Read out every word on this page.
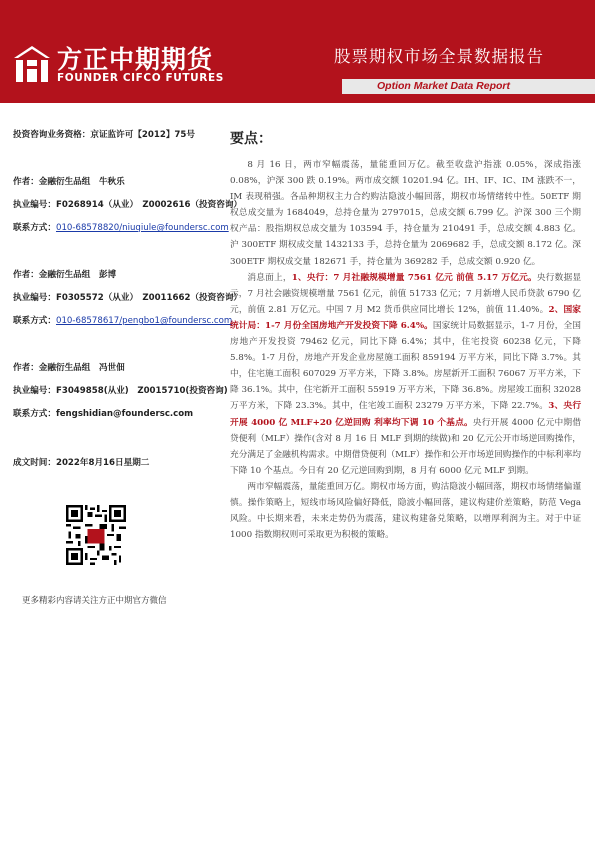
方正中期期货
FOUNDER CIFCO FUTURES
股票期权市场全景数据报告
Option Market Data Report
投资咨询业务资格：京证监许可【2012】75号
作者：金融衍生品组　牛秋乐
执业编号：F0268914（从业）　Z0002616（投资咨询）
联系方式：010-68578820/niuqiule@foundersc.com
作者：金融衍生品组　彭博
执业编号：F0305572（从业）　Z0011662（投资咨询）
联系方式：010-68578617/pengbo1@foundersc.com
作者：金融衍生品组　冯世佃
执业编号：F3049858(从业)　Z0015710(投资咨询)
联系方式：fengshidian@foundersc.com
成文时间：2022年8月16日星期二
更多精彩内容请关注方正中期官方微信
要点：

8 月 16 日，两市窄幅震荡，量能重回万亿。截至收盘沪指涨 0.05%，深成指涨 0.08%，沪深 300 跌 0.19%。两市成交额 10201.94 亿。IH、IF、IC、IM 涨跌不一，IM 表现稍强。各品种期权主力合约购沽隐波小幅回落，期权市场情绪转中性。50ETF 期权总成交量为 1684049，总持仓量为 2797015，总成交额 6.799 亿。沪深 300 三个期权产品：股指期权总成交量为 103594 手，持仓量为 210491 手，总成交额 4.883 亿。沪 300ETF 期权成交量 1432133 手，总持仓量为 2069682 手，总成交额 8.172 亿。深 300ETF 期权成交量 182671 手，持仓量为 369282 手，总成交额 0.920 亿。

消息面上，1、央行：7 月社融规模增量 7561 亿元 前值 5.17 万亿元。央行数据显示，7 月社会融资规模增量 7561 亿元，前值 51733 亿元；7 月新增人民币贷款 6790 亿元，前值 2.81 万亿元。中国 7 月 M2 货币供应同比增长 12%，前值 11.40%。2、国家统计局：1-7 月份全国房地产开发投资下降 6.4%。国家统计局数据显示，1-7 月份，全国房地产开发投资 79462 亿元，同比下降 6.4%；其中，住宅投资 60238 亿元，下降 5.8%。1-7 月份，房地产开发企业房屋施工面积 859194 万平方米，同比下降 3.7%。其中，住宅施工面积 607029 万平方米，下降 3.8%。房屋新开工面积 76067 万平方米，下降 36.1%。其中，住宅新开工面积 55919 万平方米，下降 36.8%。房屋竣工面积 32028 万平方米，下降 23.3%。其中，住宅竣工面积 23279 万平方米，下降 22.7%。3、央行开展 4000 亿 MLF+20 亿逆回购 利率均下调 10 个基点。央行开展 4000 亿元中期借贷便利（MLF）操作(含对 8 月 16 日 MLF 到期的续做)和 20 亿元公开市场逆回购操作，充分满足了金融机构需求。中期借贷便利（MLF）操作和公开市场逆回购操作的中标利率均下降 10 个基点。今日有 20 亿元逆回购到期，8 月有 6000 亿元 MLF 到期。

两市窄幅震荡，量能重回万亿。期权市场方面，购沽隐波小幅回落，期权市场情绪偏谨慎。操作策略上，短线市场风险偏好降低，隐波小幅回落，建议构建价差策略，防范 Vega 风险。中长期来看，未来走势仍为震荡，建议构建备兑策略，以增厚利润为主。对于中证 1000 指数期权则可采取更为积极的策略。
